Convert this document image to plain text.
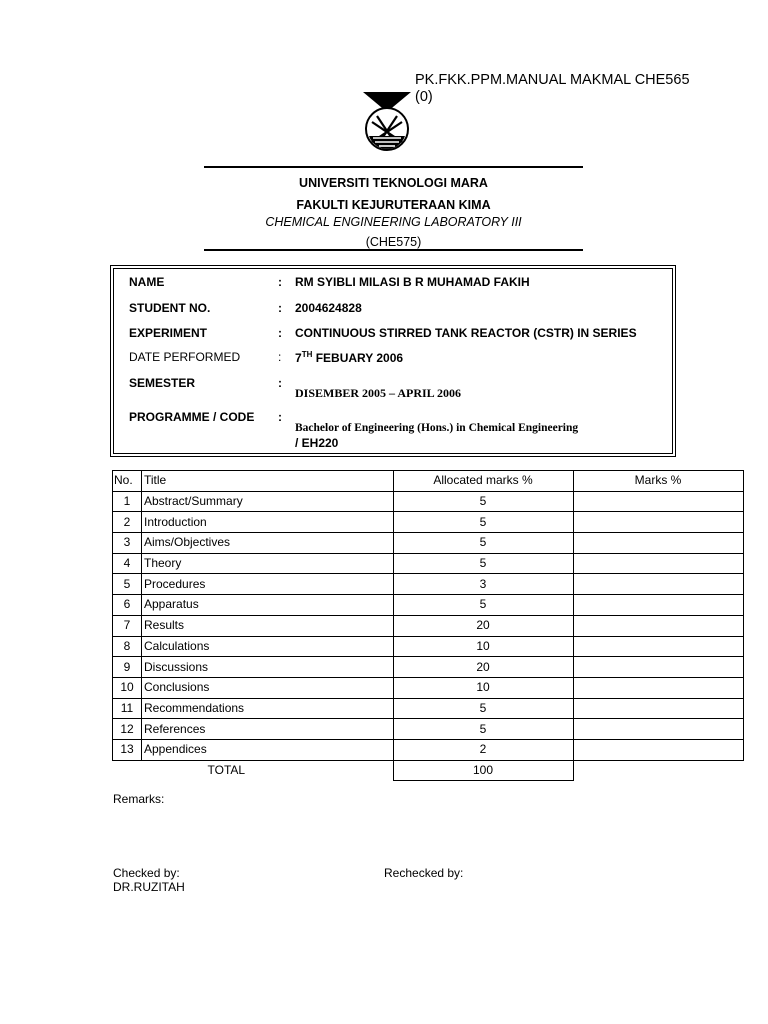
PK.FKK.PPM.MANUAL MAKMAL CHE565
(0)
UNIVERSITI TEKNOLOGI MARA
FAKULTI KEJURUTERAAN KIMA
CHEMICAL ENGINEERING LABORATORY III
(CHE575)
NAME	: RM SYIBLI MILASI B R MUHAMAD FAKIH
STUDENT NO.	: 2004624828
EXPERIMENT	: CONTINUOUS STIRRED TANK REACTOR (CSTR) IN SERIES
DATE PERFORMED	: 7TH FEBUARY 2006
SEMESTER	:
DISEMBER 2005 – APRIL 2006
PROGRAMME / CODE :
Bachelor of Engineering (Hons.) in Chemical Engineering
/ EH220
No.	Title	Allocated marks %	Marks %
1	Abstract/Summary	5	
2	Introduction	5	
3	Aims/Objectives	5	
4	Theory	5	
5	Procedures	3	
6	Apparatus	5	
7	Results	20	
8	Calculations	10	
9	Discussions	20	
10	Conclusions	10	
11	Recommendations	5	
12	References	5	
13	Appendices	2	
	TOTAL	100	
Remarks:
Checked by:
DR.RUZITAH
Rechecked by:
